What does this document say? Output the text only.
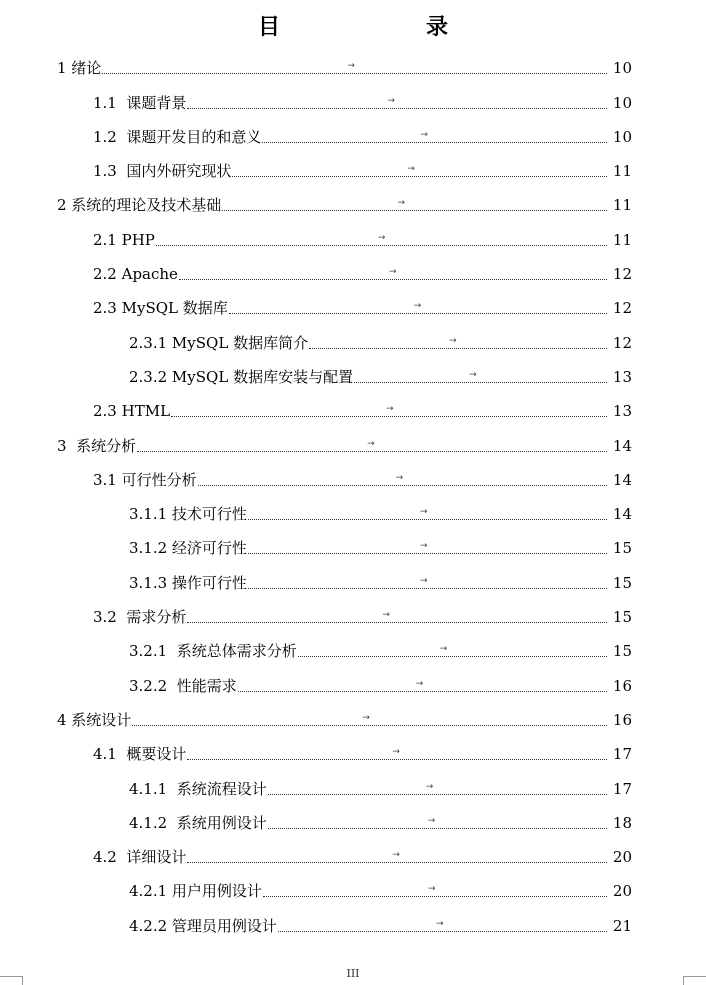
目　　录
1 绪论	→	10
1.1  课题背景	→	10
1.2  课题开发目的和意义	→	10
1.3  国内外研究现状	→	11
2 系统的理论及技术基础	→	11
2.1 PHP	→	11
2.2 Apache	→	12
2.3 MySQL 数据库	→	12
2.3.1 MySQL 数据库简介	→	12
2.3.2 MySQL 数据库安装与配置	→	13
2.3 HTML	→	13
3  系统分析	→	14
3.1 可行性分析	→	14
3.1.1 技术可行性	→	14
3.1.2 经济可行性	→	15
3.1.3 操作可行性	→	15
3.2  需求分析	→	15
3.2.1  系统总体需求分析	→	15
3.2.2  性能需求	→	16
4 系统设计	→	16
4.1  概要设计	→	17
4.1.1  系统流程设计	→	17
4.1.2  系统用例设计	→	18
4.2  详细设计	→	20
4.2.1 用户用例设计	→	20
4.2.2 管理员用例设计	→	21
III
